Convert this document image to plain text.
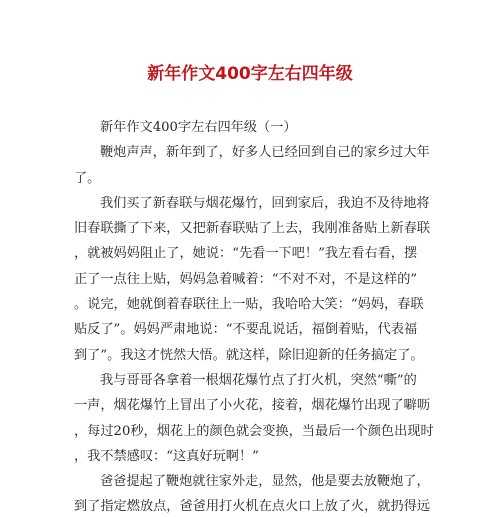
新年作文400字左右四年级
新年作文400字左右四年级（一）
鞭炮声声，新年到了，好多人已经回到自己的家乡过大年
了。
我们买了新春联与烟花爆竹，回到家后，我迫不及待地将
旧春联撕了下来，又把新春联贴了上去，我刚准备贴上新春联
，就被妈妈阻止了，她说：“先看一下吧！”我左看右看，摆
正了一点往上贴，妈妈急着喊着：“不对不对，不是这样的”
。说完，她就倒着春联往上一贴，我哈哈大笑：“妈妈，春联
贴反了”。妈妈严肃地说：“不要乱说话，福倒着贴，代表福
到了”。我这才恍然大悟。就这样，除旧迎新的任务搞定了。
我与哥哥各拿着一根烟花爆竹点了打火机，突然“嘶”的
一声，烟花爆竹上冒出了小火花，接着，烟花爆竹出现了噼呖
，每过20秒，烟花上的颜色就会变换，当最后一个颜色出现时
，我不禁感叹：“这真好玩啊！”
爸爸提起了鞭炮就往家外走，显然，他是要去放鞭炮了，
到了指定燃放点，爸爸用打火机在点火口上放了火，就扔得远
